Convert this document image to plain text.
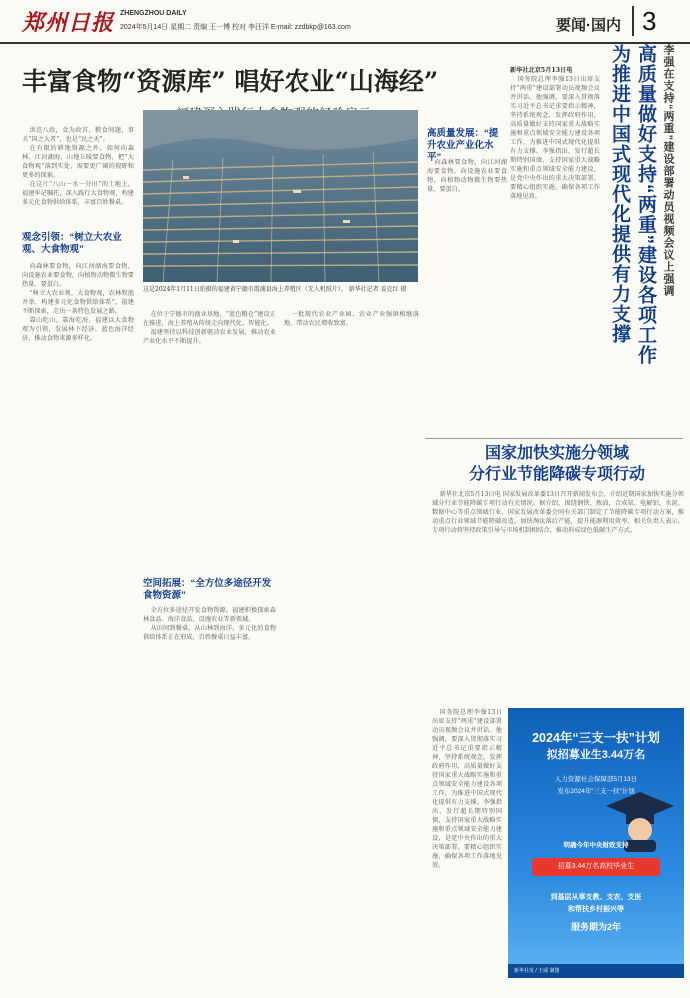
郑州日报 ZHENGZHOU DAILY
2024年5月14日 星期二 责编 王一博 校对 李汪洋 E-mail: zzdbkp@163.com	要闻·国内 3
丰富食物“资源库” 唱好农业“山海经”
这是2024年1月11日拍摄的福建省宁德市霞浦县海上养殖区（无人机照片）。 新华社记者 姜克红 摄

洪范八政，食为政首。粮食问题，事关“国之大者”，也是“民之天”。

在有限的耕地资源之外，如何向森林、江河湖海、山地丘陵要食物，把“大食物观”落到实处，需要更广阔的视野和更多的探索。

在这片“八山一水一分田”的土地上，福建牢记嘱托，深入践行大食物观，构建多元化食物供给体系，丰富百姓餐桌。

观念引领：“树立大农业观、大食物观”

向森林要食物，向江河湖海要食物，向设施农业要食物，向植物动物微生物要热量、要蛋白。

“树立大农业观、大食物观，农林牧渔并举，构建多元化食物供给体系”，福建不断探索，走出一条特色发展之路。

靠山吃山、靠海吃海。福建以大食物观为引领，发展林下经济、蓝色海洋经济，推动食物来源多样化。

在位于宁德市的渔业基地，“蓝色粮仓”建设正在推进，海上养殖从传统走向现代化、智能化。

福建坚持以科技创新驱动农业发展，推动农业产业化水平不断提升。

空间拓展：“全方位多途径开发食物资源”

全方位多途径开发食物资源，福建积极探索森林食品、海洋食品、设施农业等新领域。

从田间到餐桌，从山林到海洋，多元化的食物供给体系正在形成，百姓餐桌日益丰富。

一批现代农业产业园、农业产业强镇相继落地，带动农民增收致富。

高质量发展：“提升农业产业化水平”

向森林要食物，向江河湖海要食物，向设施农业要食物，向植物动物微生物要热量、要蛋白。	李强在支持“两重”建设部署动员视频会议上强调
高质量做好支持“两重”建设各项工作
为推进中国式现代化提供有力支撑

新华社北京5月13日电

国务院总理李强13日出席支持“两重”建设部署动员视频会议并讲话。他强调，要深入贯彻落实习近平总书记重要指示精神，坚持系统观念，发挥政府作用，高质量做好支持国家重大战略实施和重点领域安全能力建设各项工作，为推进中国式现代化提供有力支撑。李强指出，发行超长期特别国债，支持国家重大战略实施和重点领域安全能力建设，是党中央作出的重大决策部署。要精心组织实施，确保各项工作落地见效。

国家加快实施分领域
分行业节能降碳专项行动

新华社北京5月13日电 国家发展改革委13日召开新闻发布会，介绍近期国家加快实施分领域分行业节能降碳专项行动有关情况。据介绍，围绕钢铁、炼油、合成氨、电解铝、水泥、数据中心等重点领域行业，国家发展改革委会同有关部门制定了节能降碳专项行动方案，推动重点行业领域节能降碳改造，加快淘汰落后产能，提升能源利用效率。相关负责人表示，专项行动将坚持政策引导与市场机制相结合，推动形成绿色低碳生产方式。

国务院总理李强13日出席支持“两重”建设部署动员视频会议并讲话。他强调，要深入贯彻落实习近平总书记重要指示精神，坚持系统观念，发挥政府作用，高质量做好支持国家重大战略实施和重点领域安全能力建设各项工作，为推进中国式现代化提供有力支撑。李强指出，发行超长期特别国债，支持国家重大战略实施和重点领域安全能力建设，是党中央作出的重大决策部署。要精心组织实施，确保各项工作落地见效。

2024年“三支一扶”计划
拟招募业生3.44万名
人力资源社会保障部5月13日
发布2024年“三支一扶”计划
明确今年中央财政支持
招募3.44万名高校毕业生
到基层从事支教、支农、支医
和帮扶乡村振兴等
服务期为2年
新华社发 / 王威 制图
